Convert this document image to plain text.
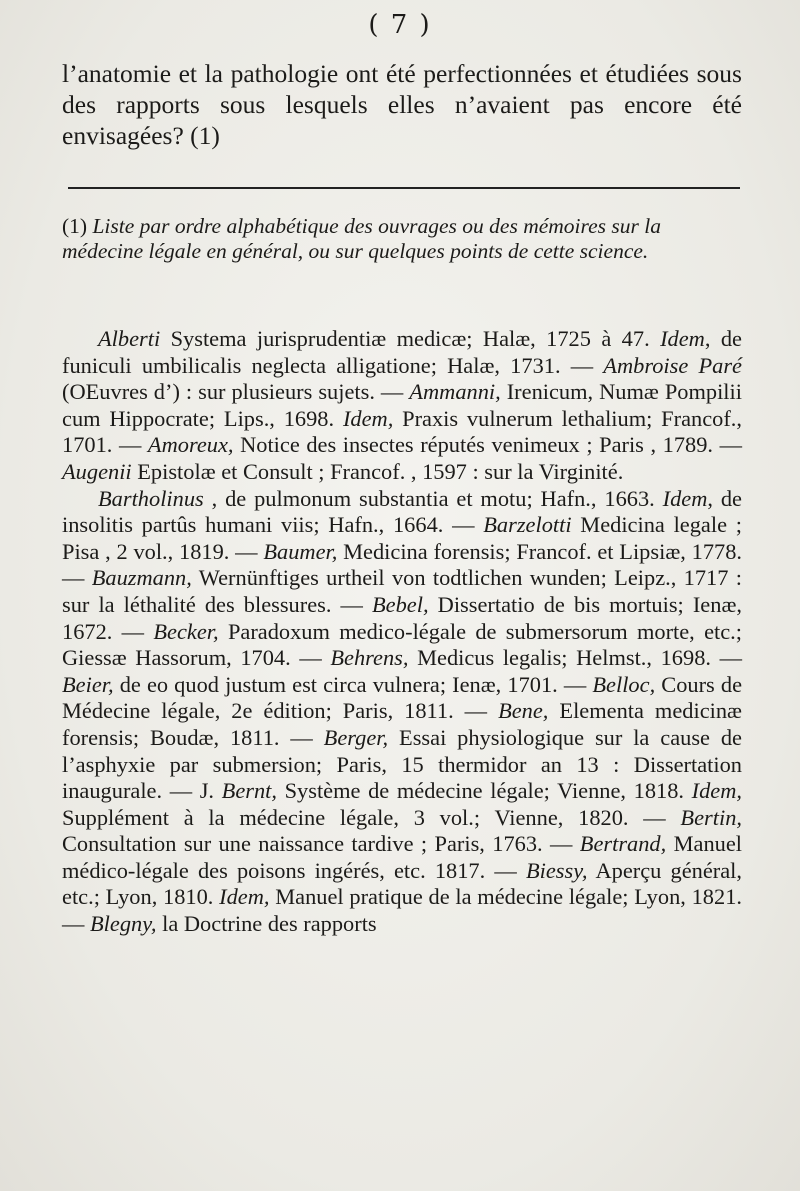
( 7 )

l’anatomie et la pathologie ont été perfectionnées et étudiées sous des rapports sous lesquels elles n’avaient pas encore été envisagées? (1)

(1) Liste par ordre alphabétique des ouvrages ou des mémoires sur la médecine légale en général, ou sur quelques points de cette science.

Alberti Systema jurisprudentiæ medicæ; Halæ, 1725 à 47. Idem, de funiculi umbilicalis neglecta alligatione; Halæ, 1731. — Ambroise Paré (OEuvres d’) : sur plusieurs sujets. — Ammanni, Irenicum, Numæ Pompilii cum Hippocrate; Lips., 1698. Idem, Praxis vulnerum lethalium; Francof., 1701. — Amoreux, Notice des insectes réputés venimeux ; Paris , 1789. — Augenii Epistolæ et Consult ; Francof. , 1597 : sur la Virginité.

Bartholinus , de pulmonum substantia et motu; Hafn., 1663. Idem, de insolitis partûs humani viis; Hafn., 1664. — Barzelotti Medicina legale ; Pisa , 2 vol., 1819. — Baumer, Medicina forensis; Francof. et Lipsiæ, 1778. — Bauzmann, Wernünftiges urtheil von todtlichen wunden; Leipz., 1717 : sur la léthalité des blessures. — Bebel, Dissertatio de bis mortuis; Ienæ, 1672. — Becker, Paradoxum medico-légale de submersorum morte, etc.; Giessæ Hassorum, 1704. — Behrens, Medicus legalis; Helmst., 1698. — Beier, de eo quod justum est circa vulnera; Ienæ, 1701. — Belloc, Cours de Médecine légale, 2e édition; Paris, 1811. — Bene, Elementa medicinæ forensis; Boudæ, 1811. — Berger, Essai physiologique sur la cause de l’asphyxie par submersion; Paris, 15 thermidor an 13 : Dissertation inaugurale. — J. Bernt, Système de médecine légale; Vienne, 1818. Idem, Supplément à la médecine légale, 3 vol.; Vienne, 1820. — Bertin, Consultation sur une naissance tardive ; Paris, 1763. — Bertrand, Manuel médico-légale des poisons ingérés, etc. 1817. — Biessy, Aperçu général, etc.; Lyon, 1810. Idem, Manuel pratique de la médecine légale; Lyon, 1821. — Blegny, la Doctrine des rapports
